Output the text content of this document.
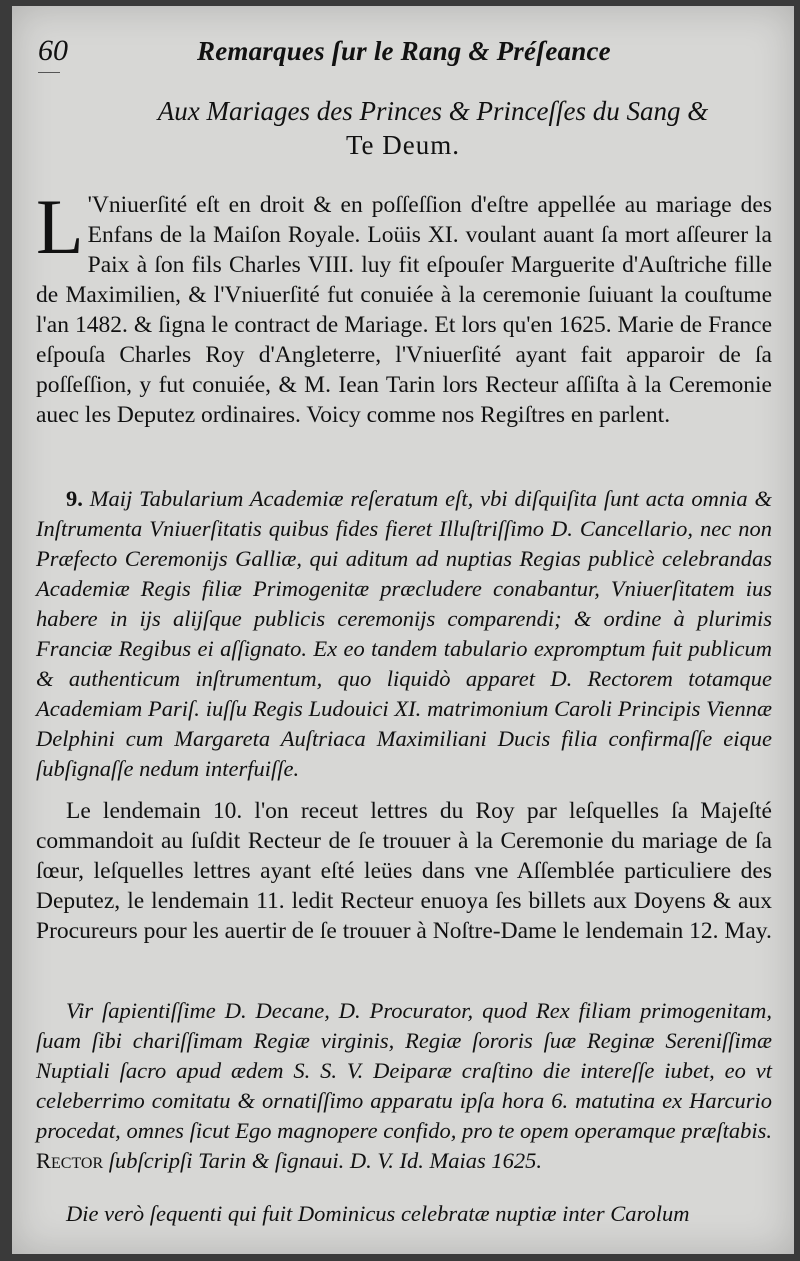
60	Remarques ſur le Rang & Préſeance
Aux Mariages des Princes & Princeſſes du Sang &
Te Deum.
L 'Vniuerſité eſt en droit & en poſſeſſion d'eſtre appellée au mariage des Enfans de la Maiſon Royale. Loüis XI. voulant auant ſa mort aſſeurer la Paix à ſon fils Charles VIII. luy fit eſpouſer Marguerite d'Auſtriche fille de Maximilien, & l'Vniuerſité fut conuiée à la ceremonie ſuiuant la couſtume l'an 1482. & ſigna le contract de Mariage. Et lors qu'en 1625. Marie de France eſpouſa Charles Roy d'Angleterre, l'Vniuerſité ayant fait apparoir de ſa poſſeſſion, y fut conuiée, & M. Iean Tarin lors Recteur aſſiſta à la Ceremonie auec les Deputez ordinaires. Voicy comme nos Regiſtres en parlent.
9. Maij Tabularium Academiæ reſeratum eſt, vbi diſquiſita ſunt acta omnia & Inſtrumenta Vniuerſitatis quibus fides fieret Illuſtriſſimo D. Cancellario, nec non Præfecto Ceremonijs Galliæ, qui aditum ad nuptias Regias publicè celebrandas Academiæ Regis filiæ Primogenitæ præcludere conabantur, Vniuerſitatem ius habere in ijs alijſque publicis ceremonijs comparendi; & ordine à plurimis Franciæ Regibus ei aſſignato. Ex eo tandem tabulario expromptum fuit publicum & authenticum inſtrumentum, quo liquidò apparet D. Rectorem totamque Academiam Pariſ. iuſſu Regis Ludouici XI. matrimonium Caroli Principis Viennæ Delphini cum Margareta Auſtriaca Maximiliani Ducis filia confirmaſſe eique ſubſignaſſe nedum interfuiſſe.
Le lendemain 10. l'on receut lettres du Roy par leſquelles ſa Majeſté commandoit au ſuſdit Recteur de ſe trouuer à la Ceremonie du mariage de ſa ſœur, leſquelles lettres ayant eſté leües dans vne Aſſemblée particuliere des Deputez, le lendemain 11. ledit Recteur enuoya ſes billets aux Doyens & aux Procureurs pour les auertir de ſe trouuer à Noſtre-Dame le lendemain 12. May.
Vir ſapientiſſime D. Decane, D. Procurator, quod Rex filiam primogenitam, ſuam ſibi chariſſimam Regiæ virginis, Regiæ ſororis ſuæ Reginæ Sereniſſimæ Nuptiali ſacro apud ædem S. S. V. Deiparæ craſtino die intereſſe iubet, eo vt celeberrimo comitatu & ornatiſſimo apparatu ipſa hora 6. matutina ex Harcurio procedat, omnes ſicut Ego magnopere confido, pro te opem operamque præſtabis. Rector ſubſcripſi Tarin & ſignaui. D. V. Id. Maias 1625.
Die verò ſequenti qui fuit Dominicus celebratæ nuptiæ inter Carolum
